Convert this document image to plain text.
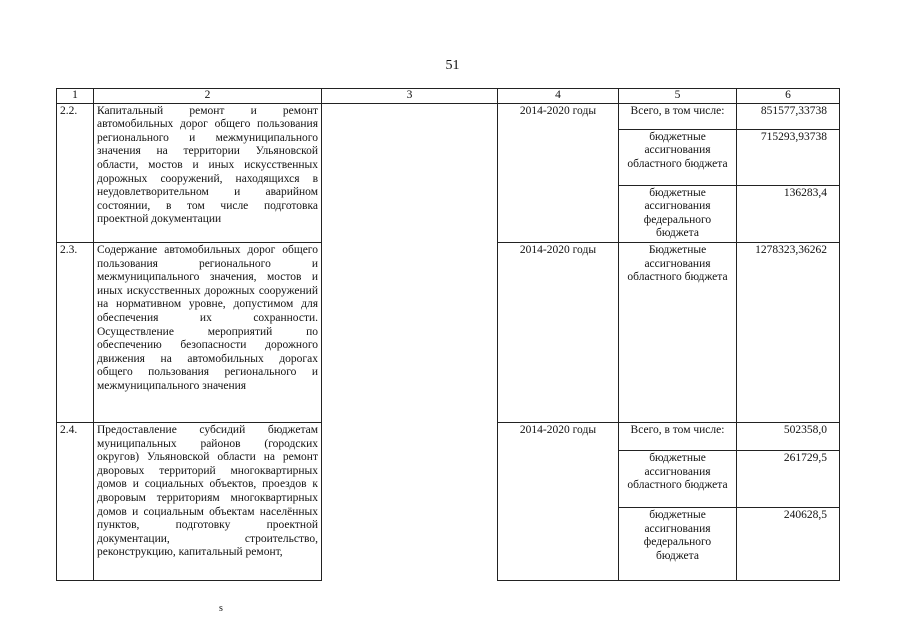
51
1	2	3	4	5	6
2.2.	Капитальный ремонт и ремонт автомобильных дорог общего пользования регионального и межмуниципального значения на территории Ульяновской области, мостов и иных искусственных дорожных сооружений, находящихся в неудовлетворительном и аварийном состоянии, в том числе подготовка проектной документации		2014-2020 годы	Всего, в том числе:	851577,33738
				бюджетные ассигнования областного бюджета	715293,93738
				бюджетные ассигнования федерального бюджета	136283,4
2.3.	Содержание автомобильных дорог общего пользования регионального и межмуниципального значения, мостов и иных искусственных дорожных сооружений на нормативном уровне, допустимом для обеспечения их сохранности. Осуществление мероприятий по обеспечению безопасности дорожного движения на автомобильных дорогах общего пользования регионального и межмуниципального значения		2014-2020 годы	Бюджетные ассигнования областного бюджета	1278323,36262
2.4.	Предоставление субсидий бюджетам муниципальных районов (городских округов) Ульяновской области на ремонт дворовых территорий многоквартирных домов и социальных объектов, проездов к дворовым территориям многоквартирных домов и социальным объектам населённых пунктов, подготовку проектной документации, строительство, реконструкцию, капитальный ремонт,		2014-2020 годы	Всего, в том числе:	502358,0
				бюджетные ассигнования областного бюджета	261729,5
				бюджетные ассигнования федерального бюджета	240628,5
s
